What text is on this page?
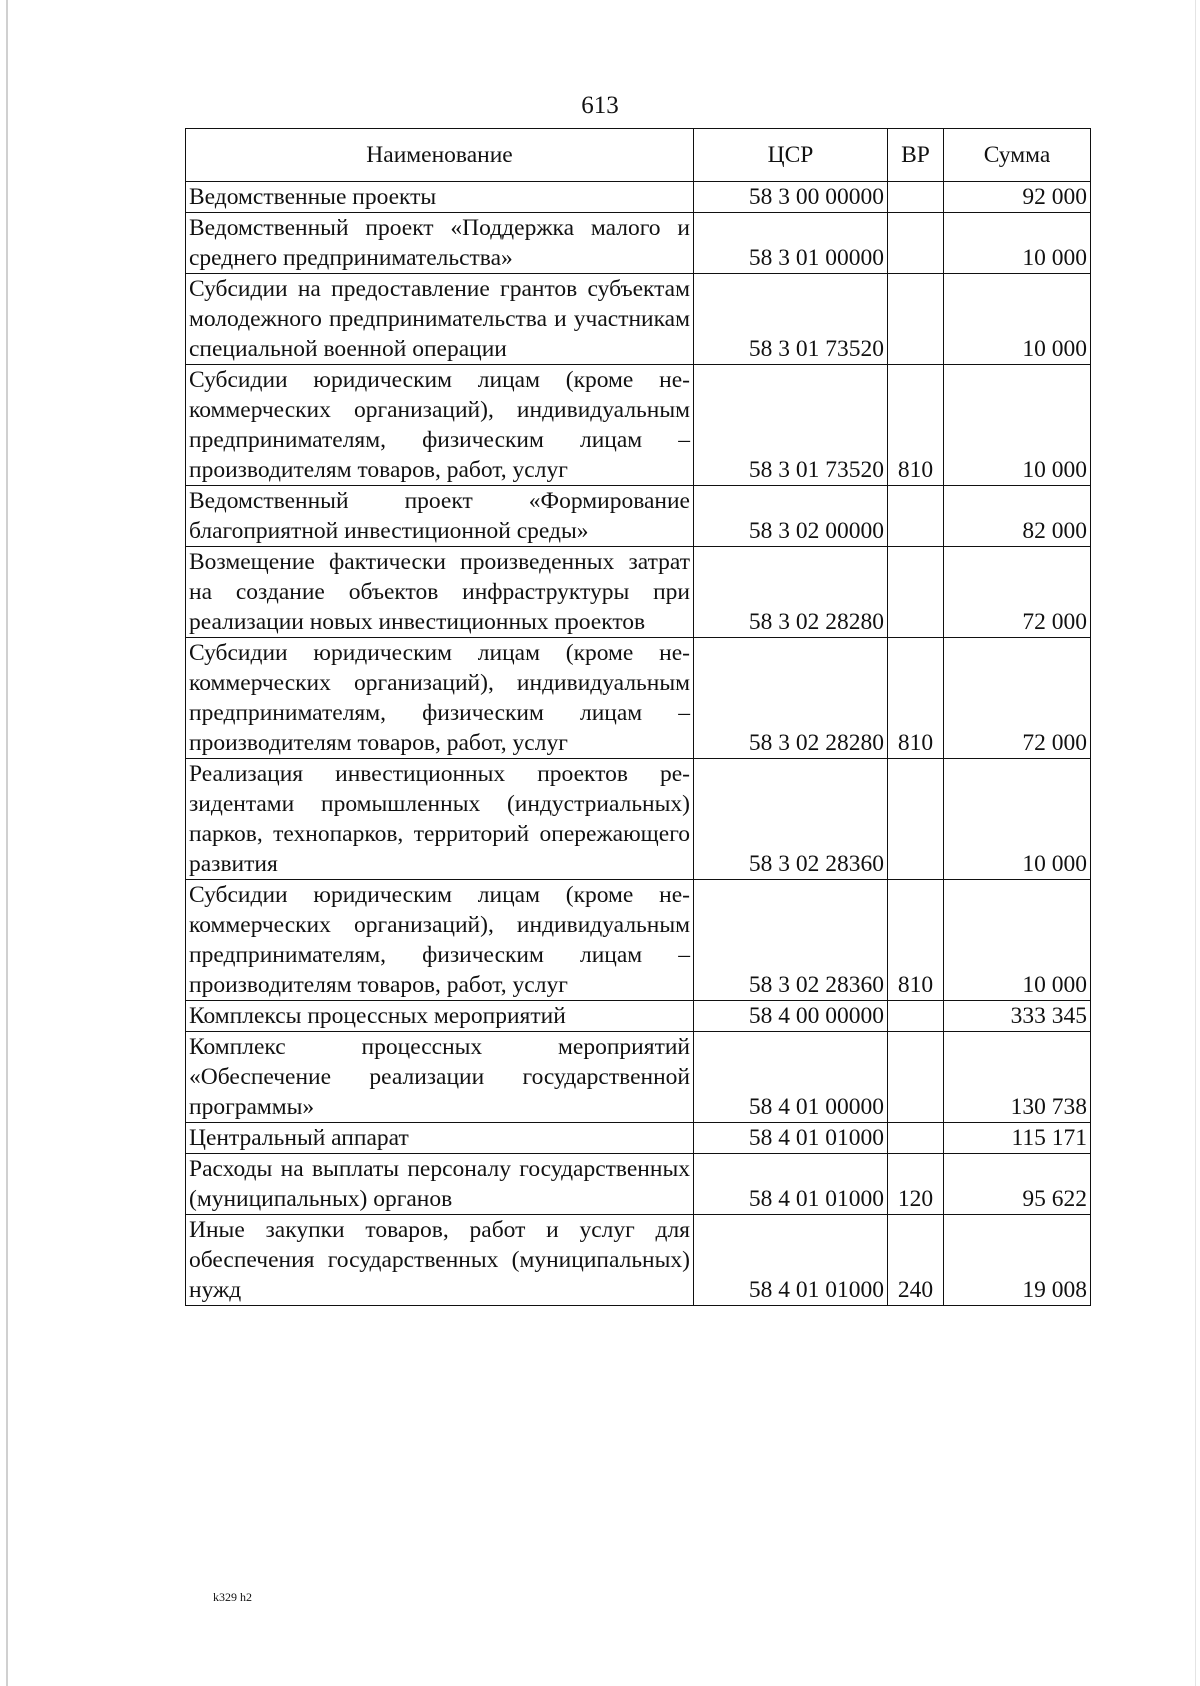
613
Наименование	ЦСР	ВР	Сумма
Ведомственные проекты	58 3 00 00000		92 000
Ведомственный проект «Поддержка малого и среднего предпринимательства»	58 3 01 00000		10 000
Субсидии на предоставление грантов субъектам молодежного предпринимательства и участникам специальной военной операции	58 3 01 73520		10 000
Субсидии юридическим лицам (кроме некоммерческих организаций), индивидуальным предпринимателям, физическим лицам – производителям товаров, работ, услуг	58 3 01 73520	810	10 000
Ведомственный проект «Формирование благоприятной инвестиционной среды»	58 3 02 00000		82 000
Возмещение фактически произведенных затрат на создание объектов инфраструктуры при реализации новых инвестиционных проектов	58 3 02 28280		72 000
Субсидии юридическим лицам (кроме некоммерческих организаций), индивидуальным предпринимателям, физическим лицам – производителям товаров, работ, услуг	58 3 02 28280	810	72 000
Реализация инвестиционных проектов резидентами промышленных (индустриальных) парков, технопарков, территорий опережающего развития	58 3 02 28360		10 000
Субсидии юридическим лицам (кроме некоммерческих организаций), индивидуальным предпринимателям, физическим лицам – производителям товаров, работ, услуг	58 3 02 28360	810	10 000
Комплексы процессных мероприятий	58 4 00 00000		333 345
Комплекс процессных мероприятий «Обеспечение реализации государственной программы»	58 4 01 00000		130 738
Центральный аппарат	58 4 01 01000		115 171
Расходы на выплаты персоналу государственных (муниципальных) органов	58 4 01 01000	120	95 622
Иные закупки товаров, работ и услуг для обеспечения государственных (муниципальных) нужд	58 4 01 01000	240	19 008
k329 h2
